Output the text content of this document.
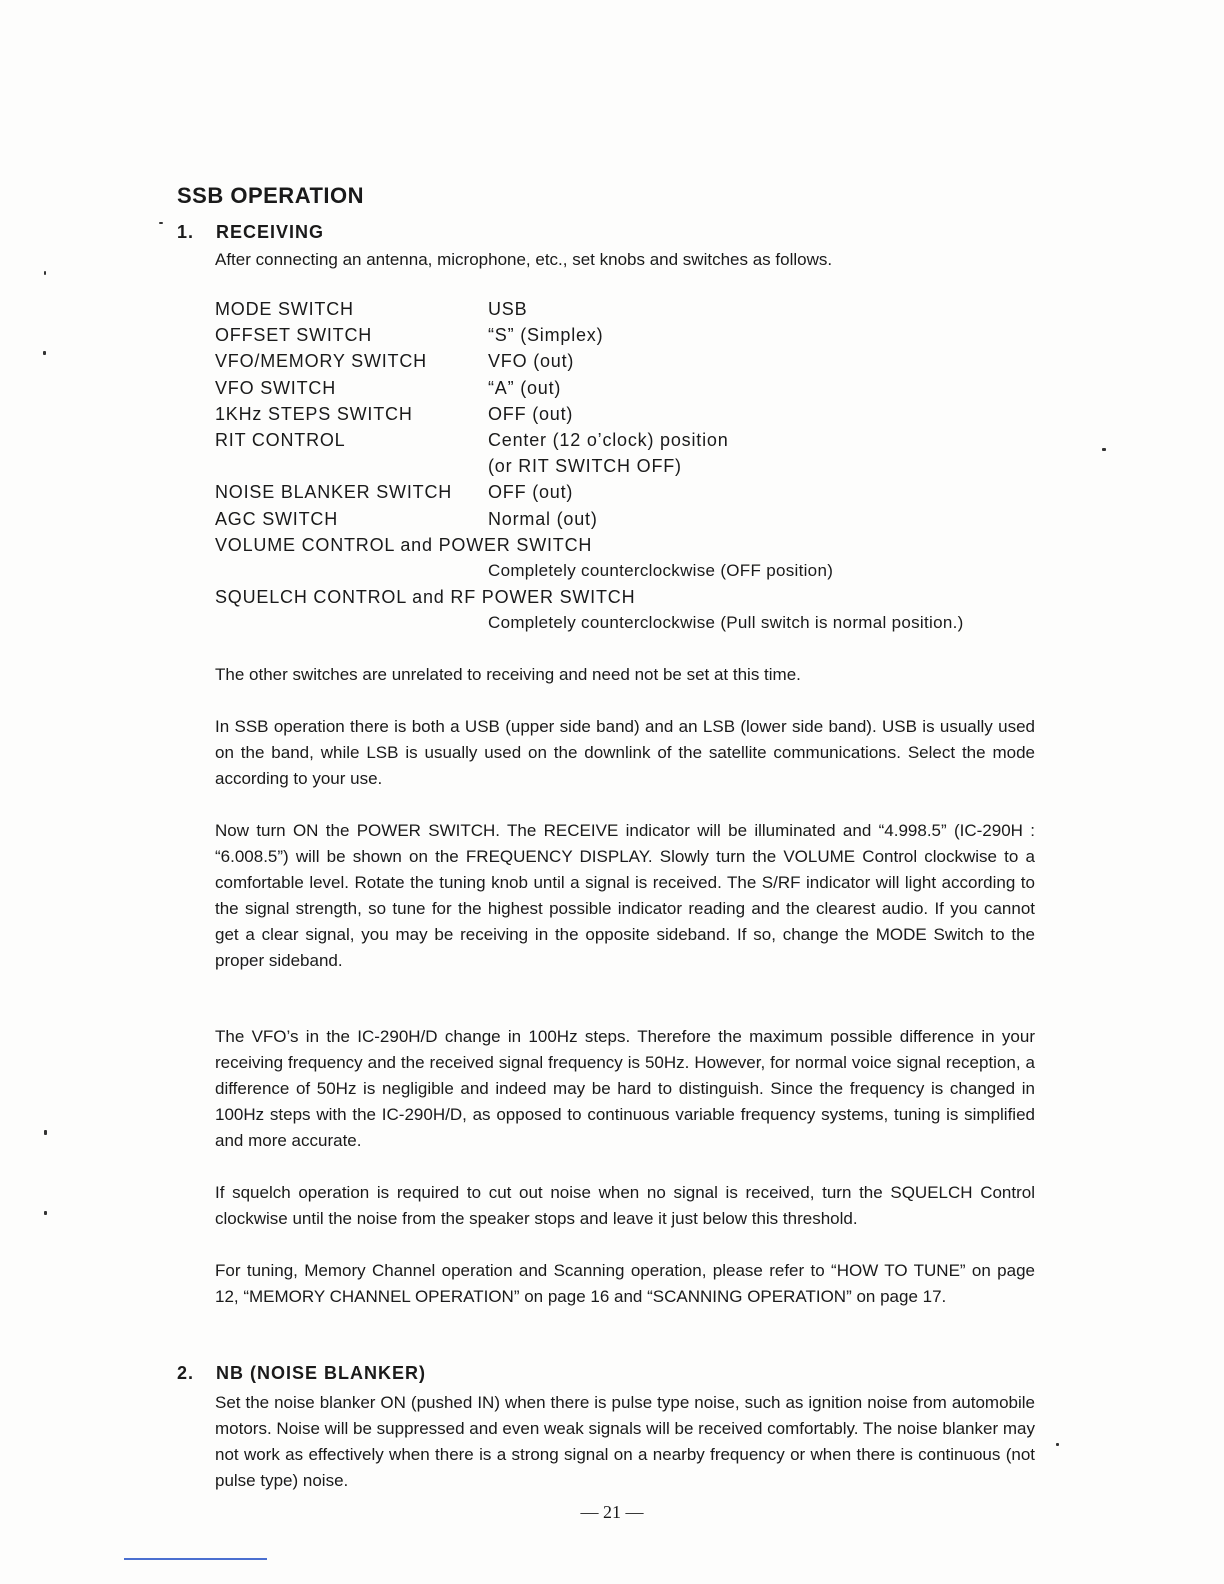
SSB OPERATION
1. RECEIVING

After connecting an antenna, microphone, etc., set knobs and switches as follows.

MODE SWITCH	USB
OFFSET SWITCH	“S” (Simplex)
VFO/MEMORY SWITCH	VFO (out)
VFO SWITCH	“A” (out)
1KHz STEPS SWITCH	OFF (out)
RIT CONTROL	Center (12 o’clock) position
(or RIT SWITCH OFF)
NOISE BLANKER SWITCH	OFF (out)
AGC SWITCH	Normal (out)
VOLUME CONTROL and POWER SWITCH
Completely counterclockwise (OFF position)
SQUELCH CONTROL and RF POWER SWITCH
Completely counterclockwise (Pull switch is normal position.)

The other switches are unrelated to receiving and need not be set at this time.

In SSB operation there is both a USB (upper side band) and an LSB (lower side band). USB is usually used on the band, while LSB is usually used on the downlink of the satellite communications. Select the mode according to your use.

Now turn ON the POWER SWITCH. The RECEIVE indicator will be illuminated and “4.998.5” (IC-290H : “6.008.5”) will be shown on the FREQUENCY DISPLAY. Slowly turn the VOLUME Control clockwise to a comfortable level. Rotate the tuning knob until a signal is received. The S/RF indicator will light according to the signal strength, so tune for the highest possible indicator reading and the clearest audio. If you cannot get a clear signal, you may be receiving in the opposite sideband. If so, change the MODE Switch to the proper sideband.

The VFO’s in the IC-290H/D change in 100Hz steps. Therefore the maximum possible difference in your receiving frequency and the received signal frequency is 50Hz. However, for normal voice signal reception, a difference of 50Hz is negligible and indeed may be hard to distinguish. Since the frequency is changed in 100Hz steps with the IC-290H/D, as opposed to continuous variable frequency systems, tuning is simplified and more accurate.

If squelch operation is required to cut out noise when no signal is received, turn the SQUELCH Control clockwise until the noise from the speaker stops and leave it just below this threshold.

For tuning, Memory Channel operation and Scanning operation, please refer to “HOW TO TUNE” on page 12, “MEMORY CHANNEL OPERATION” on page 16 and “SCANNING OPERATION” on page 17.

2. NB (NOISE BLANKER)

Set the noise blanker ON (pushed IN) when there is pulse type noise, such as ignition noise from automobile motors. Noise will be suppressed and even weak signals will be received comfortably. The noise blanker may not work as effectively when there is a strong signal on a nearby frequency or when there is continuous (not pulse type) noise.

— 21 —
